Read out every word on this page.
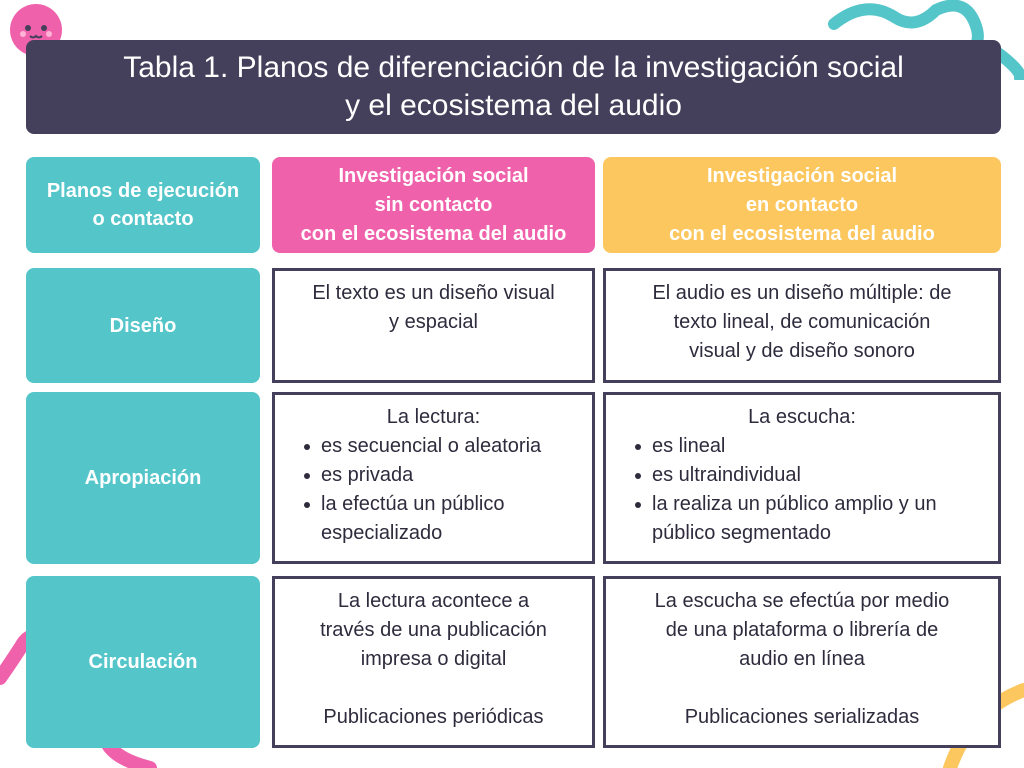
Tabla 1. Planos de diferenciación de la investigación social
y el ecosistema del audio
Planos de ejecución
o contacto
Investigación social
sin contacto
con el ecosistema del audio
Investigación social
en contacto
con el ecosistema del audio
Diseño
El texto es un diseño visual
y espacial
El audio es un diseño múltiple: de
texto lineal, de comunicación
visual y de diseño sonoro
Apropiación
La lectura:
es secuencial o aleatoria
es privada
la efectúa un público especializado
La escucha:
es lineal
es ultraindividual
la realiza un público amplio y un público segmentado
Circulación
La lectura acontece a
través de una publicación
impresa o digital
Publicaciones periódicas
La escucha se efectúa por medio
de una plataforma o librería de
audio en línea
Publicaciones serializadas
